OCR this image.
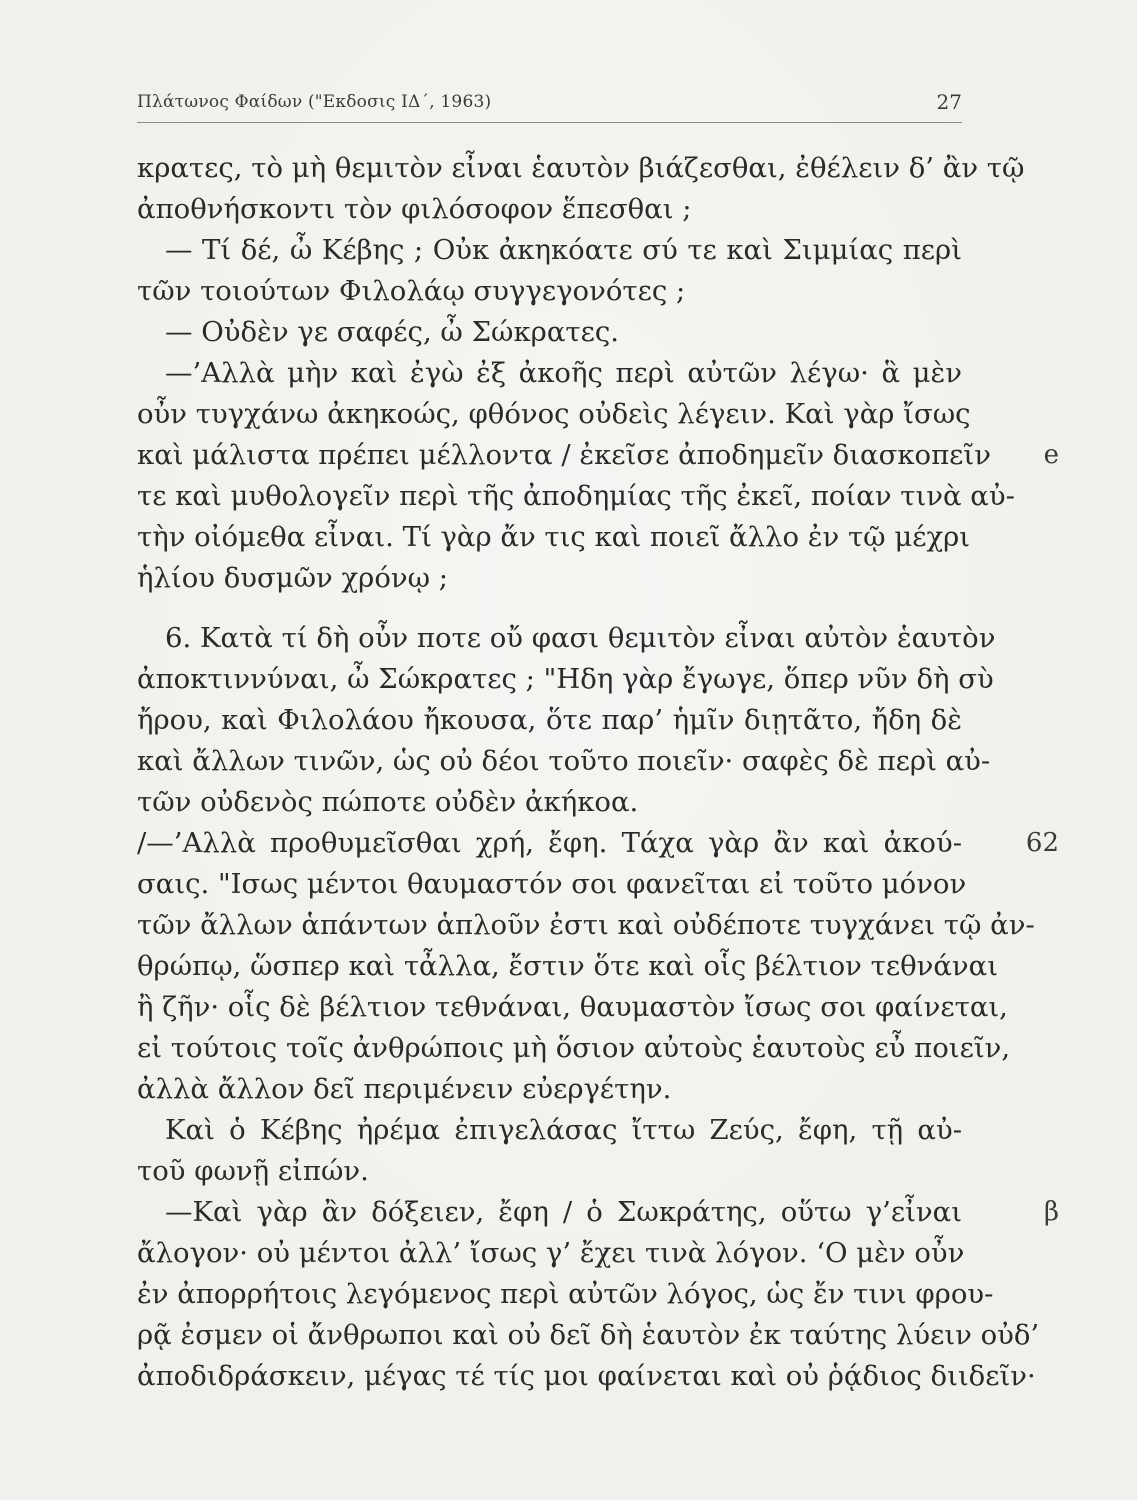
Πλάτωνος Φαίδων ("Εκδοσις ΙΔ΄, 1963)	27
κρατες, τὸ μὴ θεμιτὸν εἶναι ἑαυτὸν βιάζεσθαι, ἐθέλειν δ’ ἂν τῷ
ἀποθνήσκοντι τὸν φιλόσοφον ἕπεσθαι ;
— Τί δέ, ὦ Κέβης ; Οὐκ ἀκηκόατε σύ τε καὶ Σιμμίας περὶ
τῶν τοιούτων Φιλολάῳ συγγεγονότες ;
— Οὐδὲν γε σαφές, ὦ Σώκρατες.
—’Αλλὰ μὴν καὶ ἐγὼ ἐξ ἀκοῆς περὶ αὐτῶν λέγω· ἃ μὲν
οὖν τυγχάνω ἀκηκοώς, φθόνος οὐδεὶς λέγειν. Καὶ γὰρ ἴσως
καὶ μάλιστα πρέπει μέλλοντα / ἐκεῖσε ἀποδημεῖν διασκοπεῖν	e
τε καὶ μυθολογεῖν περὶ τῆς ἀποδημίας τῆς ἐκεῖ, ποίαν τινὰ αὐ-
τὴν οἰόμεθα εἶναι. Τί γὰρ ἄν τις καὶ ποιεῖ ἄλλο ἐν τῷ μέχρι
ἡλίου δυσμῶν χρόνῳ ;
6. Κατὰ τί δὴ οὖν ποτε οὔ φασι θεμιτὸν εἶναι αὐτὸν ἑαυτὸν
ἀποκτιννύναι, ὦ Σώκρατες ; "Ηδη γὰρ ἔγωγε, ὅπερ νῦν δὴ σὺ
ἤρου, καὶ Φιλολάου ἤκουσα, ὅτε παρ’ ἡμῖν διῃτᾶτο, ἤδη δὲ
καὶ ἄλλων τινῶν, ὡς οὐ δέοι τοῦτο ποιεῖν· σαφὲς δὲ περὶ αὐ-
τῶν οὐδενὸς πώποτε οὐδὲν ἀκήκοα.
/—’Αλλὰ προθυμεῖσθαι χρή, ἔφη. Τάχα γὰρ ἂν καὶ ἀκού-	62
σαις. "Ισως μέντοι θαυμαστόν σοι φανεῖται εἰ τοῦτο μόνον
τῶν ἄλλων ἁπάντων ἁπλοῦν ἐστι καὶ οὐδέποτε τυγχάνει τῷ ἀν-
θρώπῳ, ὥσπερ καὶ τἆλλα, ἔστιν ὅτε καὶ οἷς βέλτιον τεθνάναι
ἢ ζῆν· οἷς δὲ βέλτιον τεθνάναι, θαυμαστὸν ἴσως σοι φαίνεται,
εἰ τούτοις τοῖς ἀνθρώποις μὴ ὅσιον αὐτοὺς ἑαυτοὺς εὖ ποιεῖν,
ἀλλὰ ἄλλον δεῖ περιμένειν εὐεργέτην.
Καὶ ὁ Κέβης ἠρέμα ἐπιγελάσας ἴττω Ζεύς, ἔφη, τῇ αὐ-
τοῦ φωνῇ εἰπών.
—Καὶ γὰρ ἂν δόξειεν, ἔφη / ὁ Σωκράτης, οὕτω γ’εἶναι	β
ἄλογον· οὐ μέντοι ἀλλ’ ἴσως γ’ ἔχει τινὰ λόγον. ‘Ο μὲν οὖν
ἐν ἀπορρήτοις λεγόμενος περὶ αὐτῶν λόγος, ὡς ἔν τινι φρου-
ρᾷ ἐσμεν οἱ ἄνθρωποι καὶ οὐ δεῖ δὴ ἑαυτὸν ἐκ ταύτης λύειν οὐδ’
ἀποδιδράσκειν, μέγας τέ τίς μοι φαίνεται καὶ οὐ ῥᾴδιος διιδεῖν·
